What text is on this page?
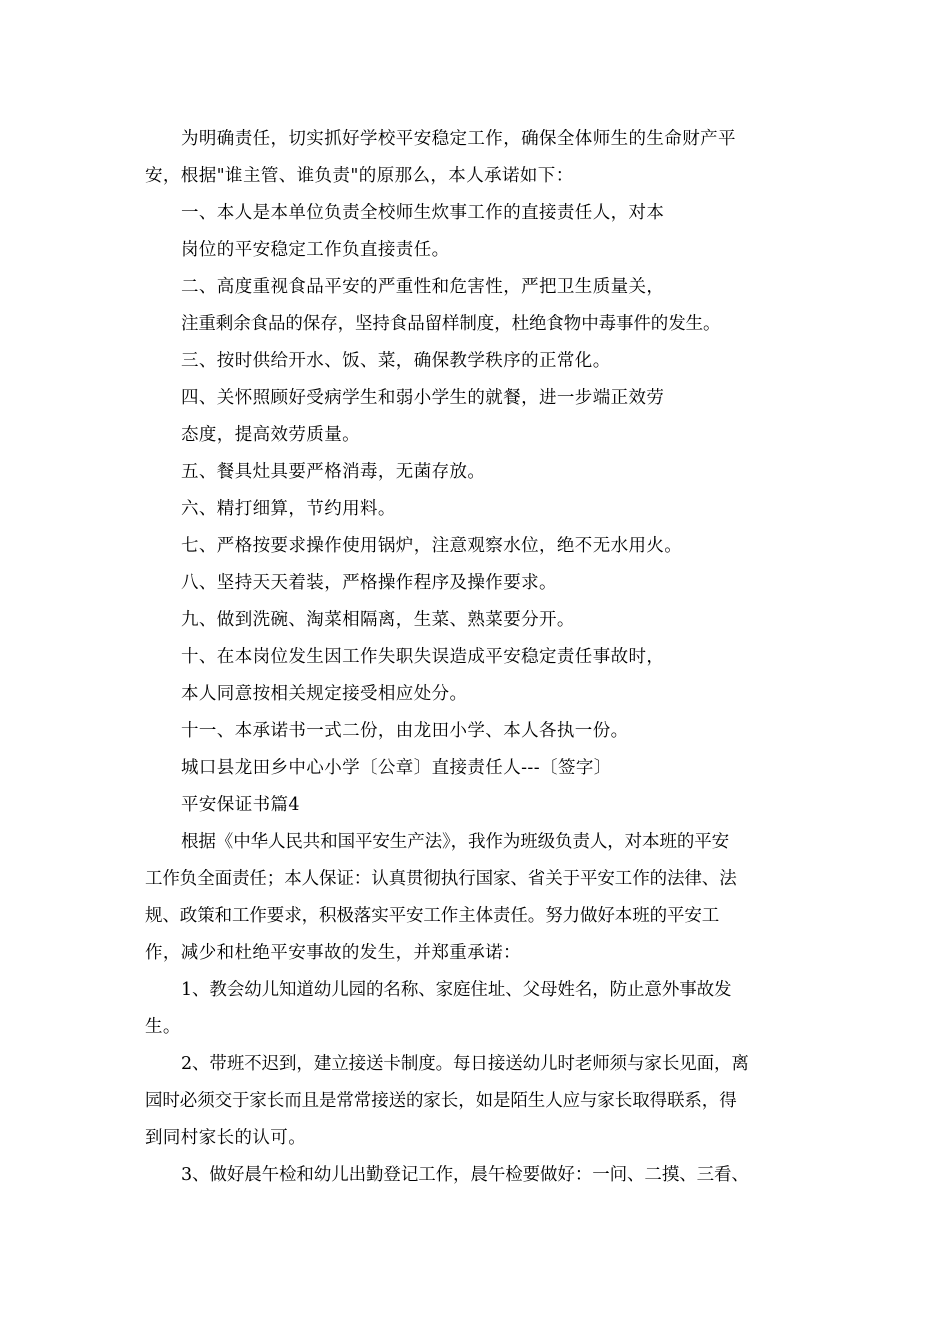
为明确责任，切实抓好学校平安稳定工作，确保全体师生的生命财产平
安，根据"谁主管、谁负责"的原那么，本人承诺如下：
一、本人是本单位负责全校师生炊事工作的直接责任人，对本
岗位的平安稳定工作负直接责任。
二、高度重视食品平安的严重性和危害性，严把卫生质量关，
注重剩余食品的保存，坚持食品留样制度，杜绝食物中毒事件的发生。
三、按时供给开水、饭、菜，确保教学秩序的正常化。
四、关怀照顾好受病学生和弱小学生的就餐，进一步端正效劳
态度，提高效劳质量。
五、餐具灶具要严格消毒，无菌存放。
六、精打细算，节约用料。
七、严格按要求操作使用锅炉，注意观察水位，绝不无水用火。
八、坚持天天着装，严格操作程序及操作要求。
九、做到洗碗、淘菜相隔离，生菜、熟菜要分开。
十、在本岗位发生因工作失职失误造成平安稳定责任事故时，
本人同意按相关规定接受相应处分。
十一、本承诺书一式二份，由龙田小学、本人各执一份。
城口县龙田乡中心小学〔公章〕直接责任人---〔签字〕
平安保证书篇4
根据《中华人民共和国平安生产法》，我作为班级负责人，对本班的平安
工作负全面责任；本人保证：认真贯彻执行国家、省关于平安工作的法律、法
规、政策和工作要求，积极落实平安工作主体责任。努力做好本班的平安工
作，减少和杜绝平安事故的发生，并郑重承诺：
1、教会幼儿知道幼儿园的名称、家庭住址、父母姓名，防止意外事故发
生。
2、带班不迟到，建立接送卡制度。每日接送幼儿时老师须与家长见面，离
园时必须交于家长而且是常常接送的家长，如是陌生人应与家长取得联系，得
到同村家长的认可。
3、做好晨午检和幼儿出勤登记工作，晨午检要做好：一问、二摸、三看、
